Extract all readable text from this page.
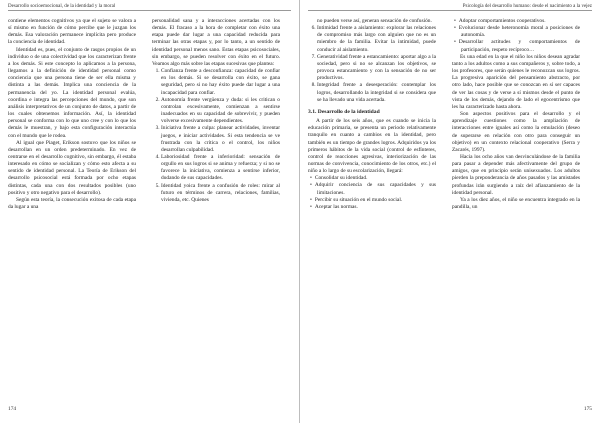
Desarrollo socioemocional, de la identidad y la moral

contiene elementos cognitivos ya que el sujeto se valora a sí mismo en función de cómo percibe que le juzgan los demás. Esa valoración permanece implícita pero produce la conciencia de identidad.

Identidad es, pues, el conjunto de rasgos propios de un individuo o de una colectividad que los caracterizan frente a los demás. Si este concepto lo aplicamos a la persona, llegamos a la definición de identidad personal como conciencia que una persona tiene de ser ella misma y distinta a las demás. Implica una conciencia de la permanencia del yo. La identidad personal evalúa, coordina e integra las percepciones del mundo, que son análisis interpretativos de un conjunto de datos, a partir de los cuales obtenemos información. Así, la identidad personal se conforma con lo que uno cree y con lo que los demás le muestran, y bajo esta configuración interactúa con el mundo que le rodea.

Al igual que Piaget, Erikson sostuvo que los niños se desarrollan en un orden predeterminado. En vez de centrarse en el desarrollo cognitivo, sin embargo, él estaba interesado en cómo se socializan y cómo esto afecta a su sentido de identidad personal. La Teoría de Erikson del desarrollo psicosocial está formada por ocho etapas distintas, cada una con dos resultados posibles (uno positivo y otro negativo para el desarrollo).

Según esta teoría, la consecución exitosa de cada etapa da lugar a una

personalidad sana y a interacciones acertadas con los demás. El fracaso a la hora de completar con éxito una etapa puede dar lugar a una capacidad reducida para terminar las otras etapas y, por lo tanto, a un sentido de identidad personal menos sano. Estas etapas psicosociales, sin embargo, se pueden resolver con éxito en el futuro. Veamos algo más sobre las etapas sucesivas que plantea:

1. Confianza frente a desconfianza: capacidad de confiar en los demás. Si se desarrolla con éxito, se gana seguridad, pero si no hay éxito puede dar lugar a una incapacidad para confiar.
2. Autonomía frente vergüenza y duda: si les critican o controlan excesivamente, comienzan a sentirse inadecuados en su capacidad de sobrevivir, y pueden volverse excesivamente dependientes.
3. Iniciativa frente a culpa: planear actividades, inventar juegos, e iniciar actividades. Si esta tendencia se ve frustrada con la crítica o el control, los niños desarrollan culpabilidad.
4. Laboriosidad frente a inferioridad: sensación de orgullo en sus logros si se anima y refuerza; y si no se favorece la iniciativa, comienza a sentirse inferior, dudando de sus capacidades.
5. Identidad yoica frente a confusión de roles: mirar al futuro en términos de carrera, relaciones, familias, vivienda, etc. Quienes
174
Psicología del desarrollo humano: desde el nacimiento a la vejez

no pueden verse así, generan sensación de confusión.

6. Intimidad frente a aislamiento: explorar las relaciones de compromiso más largo con alguien que no es un miembro de la familia. Evitar la intimidad, puede conducir al aislamiento.
7. Generatividad frente a estancamiento: aportar algo a la sociedad, pero si no se alcanzan los objetivos, se provoca estancamiento y con la sensación de no ser productivos.
8. Integridad frente a desesperación: contemplar los logros, desarrollando la integridad si se considera que se ha llevado una vida acertada.
3.1. Desarrollo de la identidad

A partir de los seis años, que es cuando se inicia la educación primaria, se presenta un periodo relativamente tranquilo en cuanto a cambios en la identidad, pero también es un tiempo de grandes logros. Adquiridos ya los primeros hábitos de la vida social (control de esfínteres, control de reacciones agresivas, interiorización de las normas de convivencia, conocimiento de los otros, etc.) el niño a lo largo de su escolarización, llegará:

• Consolidar su identidad.
• Adquirir conciencia de sus capacidades y sus limitaciones.
• Percibir su situación en el mundo social.
• Aceptar las normas.
• Adoptar comportamientos cooperativos.
• Evolucionar desde heteronomía moral a posiciones de autonomía.
• Desarrollar actitudes y comportamientos de participación, respeto recíproco…

Es una edad en la que el niño los niños desean agradar tanto a los adultos como a sus compañeros y, sobre todo, a los profesores, que serán quienes le reconozcan sus logros. La progresiva aparición del pensamiento abstracto, por otro lado, hace posible que se conozcan en sí ser capaces de ver las cosas y de verse a sí mismos desde el punto de vista de los demás, dejando de lado el egocentrismo que les ha caracterizado hasta ahora.

Son aspectos positivos para el desarrollo y el aprendizaje cuestiones como la ampliación de interacciones entre iguales así como la emulación (deseo de superarse en relación con otro para conseguir un objetivo) en un contexto relacional cooperativo (Serra y Zacarés, 1997).

Hacia los ocho años van desvinculándose de la familia para pasar a depender más afectivamente del grupo de amigos, que en principio serán unisexuados. Los adultos pierden la preponderancia de años pasados y las amistades profundas irán surgiendo a raíz del afianzamiento de la identidad personal.

Ya a los diez años, el niño se encuentra integrado en la pandilla, un

175
